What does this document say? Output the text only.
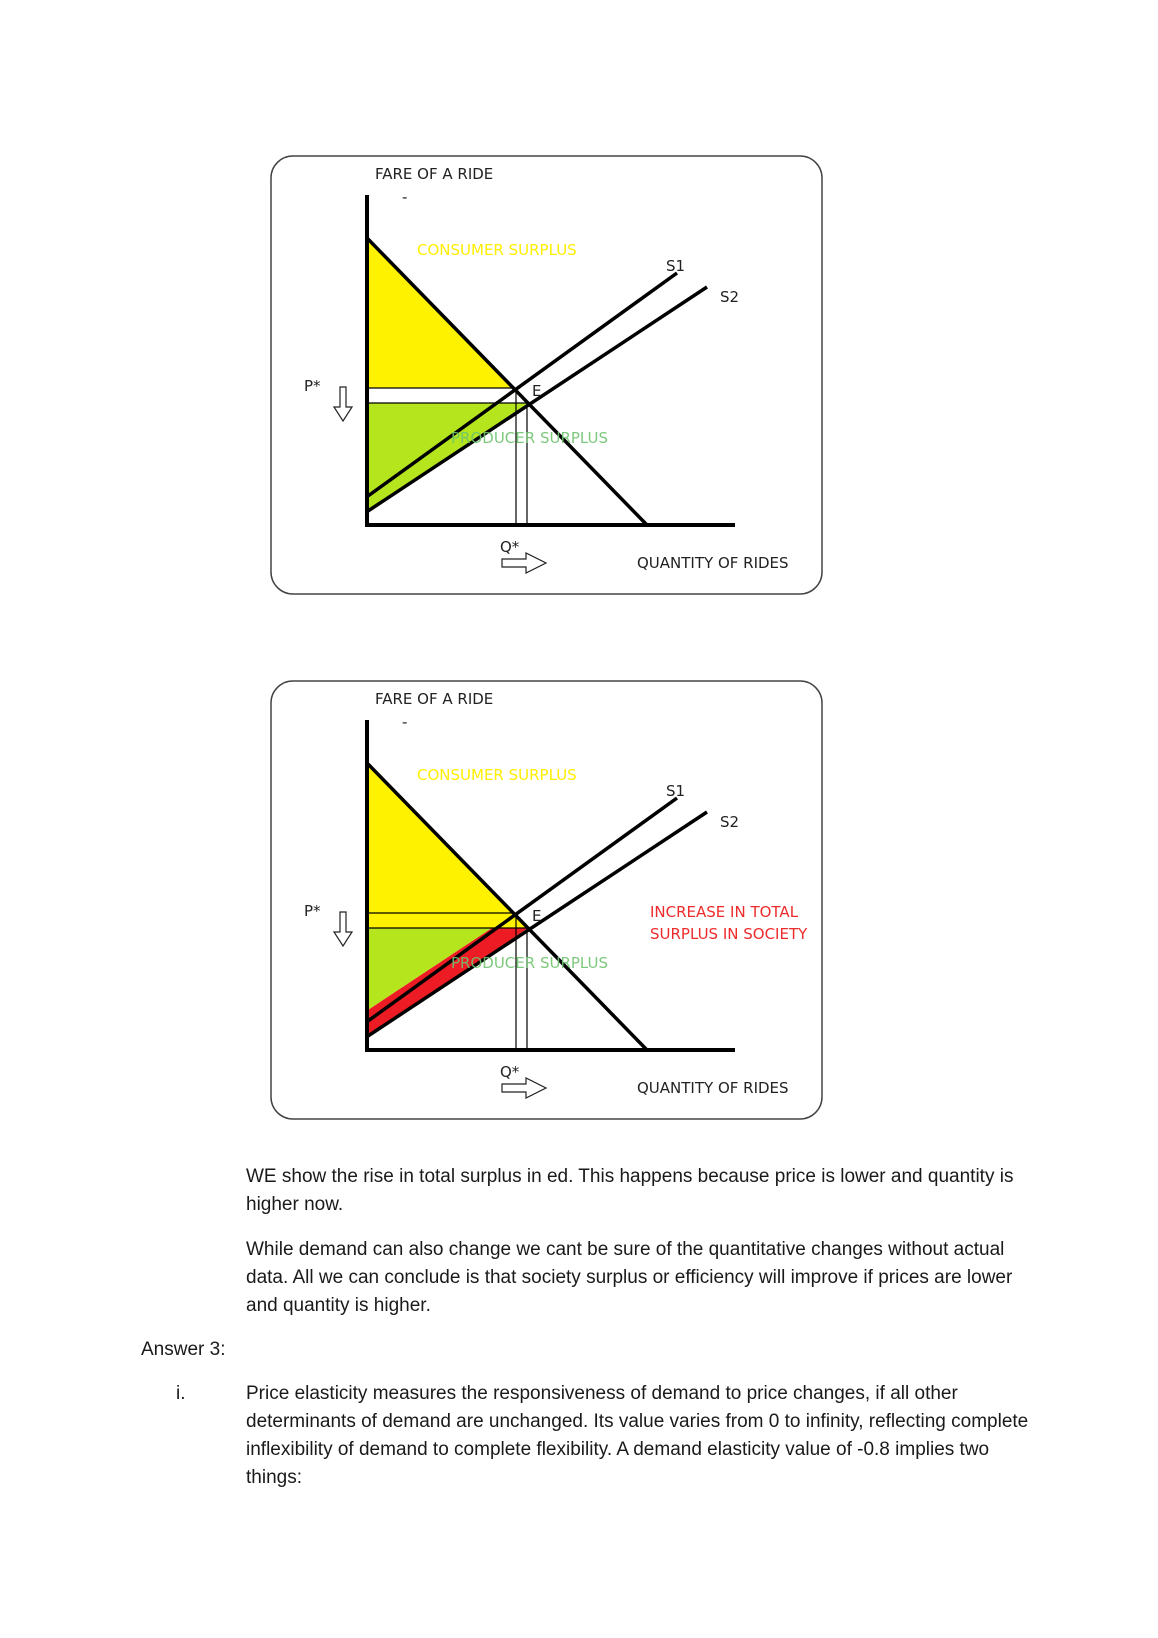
FARE OF A RIDE
-
CONSUMER SURPLUS
PRODUCER SURPLUS
S1
S2
E
P*
Q*
QUANTITY OF RIDES
FARE OF A RIDE
-
CONSUMER SURPLUS
PRODUCER SURPLUS
S1
S2
E
P*
Q*
QUANTITY OF RIDES
INCREASE IN TOTAL
SURPLUS IN SOCIETY

WE show the rise in total surplus in ed. This happens because price is lower and quantity is higher now.

While demand can also change we cant be sure of the quantitative changes without actual data. All we can conclude is that society surplus or efficiency will improve if prices are lower and quantity is higher.

Answer 3:

i.	Price elasticity measures the responsiveness of demand to price changes, if all other determinants of demand are unchanged. Its value varies from 0 to infinity, reflecting complete inflexibility of demand to complete flexibility. A demand elasticity value of -0.8 implies two things:
